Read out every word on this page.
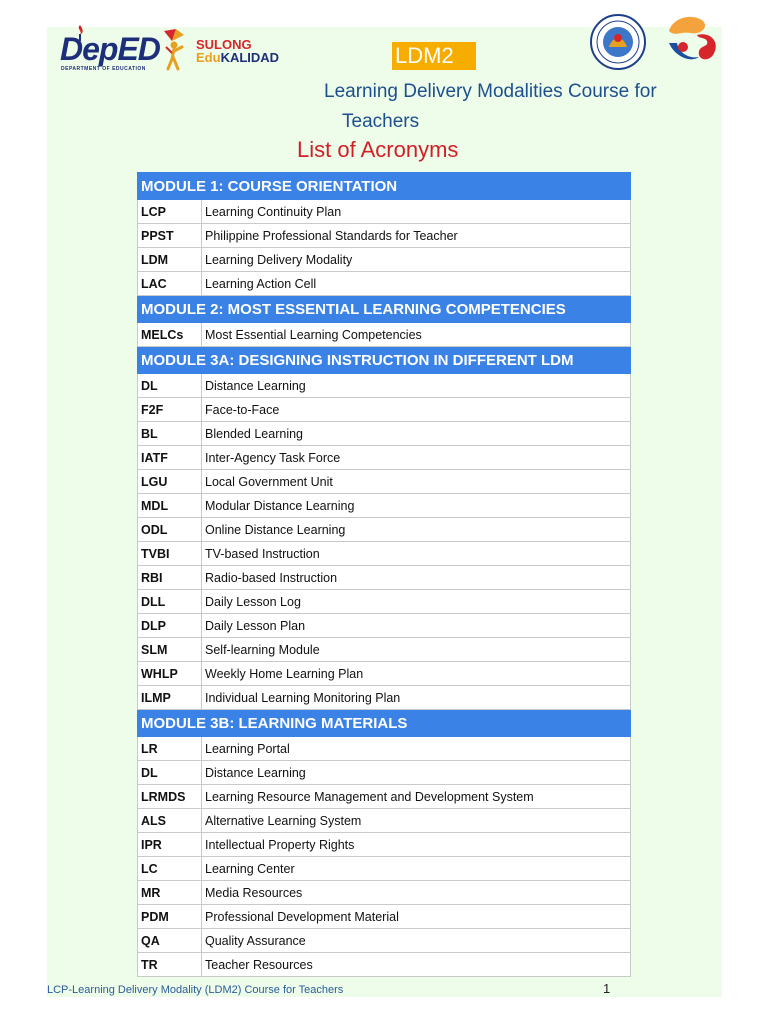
DepED
DEPARTMENT OF EDUCATION
SULONG
EduKALIDAD	LDM2
Learning Delivery Modalities Course for
Teachers
List of Acronyms
MODULE 1: COURSE ORIENTATION	
LCP	Learning Continuity Plan
PPST	Philippine Professional Standards for Teacher
LDM	Learning Delivery Modality
LAC	Learning Action Cell
MODULE 2: MOST ESSENTIAL LEARNING COMPETENCIES	
MELCs	Most Essential Learning Competencies
MODULE 3A: DESIGNING INSTRUCTION IN DIFFERENT LDM	
DL	Distance Learning
F2F	Face-to-Face
BL	Blended Learning
IATF	Inter-Agency Task Force
LGU	Local Government Unit
MDL	Modular Distance Learning
ODL	Online Distance Learning
TVBI	TV-based Instruction
RBI	Radio-based Instruction
DLL	Daily Lesson Log
DLP	Daily Lesson Plan
SLM	Self-learning Module
WHLP	Weekly Home Learning Plan
ILMP	Individual Learning Monitoring Plan
MODULE 3B: LEARNING MATERIALS	
LR	Learning Portal
DL	Distance Learning
LRMDS	Learning Resource Management and Development System
ALS	Alternative Learning System
IPR	Intellectual Property Rights
LC	Learning Center
MR	Media Resources
PDM	Professional Development Material
QA	Quality Assurance
TR	Teacher Resources
LCP-Learning Delivery Modality (LDM2) Course for Teachers	1
